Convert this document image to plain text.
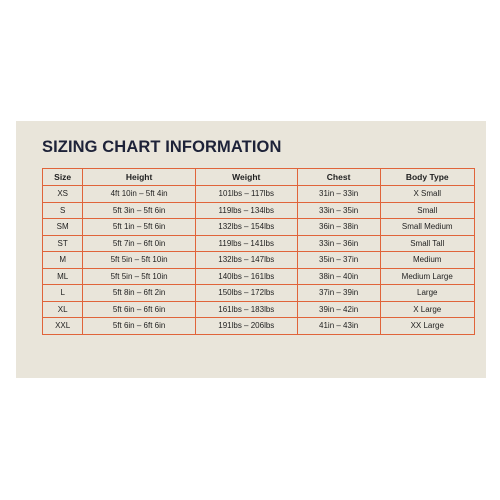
SIZING CHART INFORMATION
Size	Height	Weight	Chest	Body Type
XS	4ft 10in – 5ft 4in	101lbs – 117lbs	31in – 33in	X Small
S	5ft 3in – 5ft 6in	119lbs – 134lbs	33in – 35in	Small
SM	5ft 1in – 5ft 6in	132lbs – 154lbs	36in – 38in	Small Medium
ST	5ft 7in – 6ft 0in	119lbs – 141lbs	33in – 36in	Small Tall
M	5ft 5in – 5ft 10in	132lbs – 147lbs	35in – 37in	Medium
ML	5ft 5in – 5ft 10in	140lbs – 161lbs	38in – 40in	Medium Large
L	5ft 8in – 6ft 2in	150lbs – 172lbs	37in – 39in	Large
XL	5ft 6in – 6ft 6in	161lbs – 183lbs	39in – 42in	X Large
XXL	5ft 6in – 6ft 6in	191lbs – 206lbs	41in – 43in	XX Large
